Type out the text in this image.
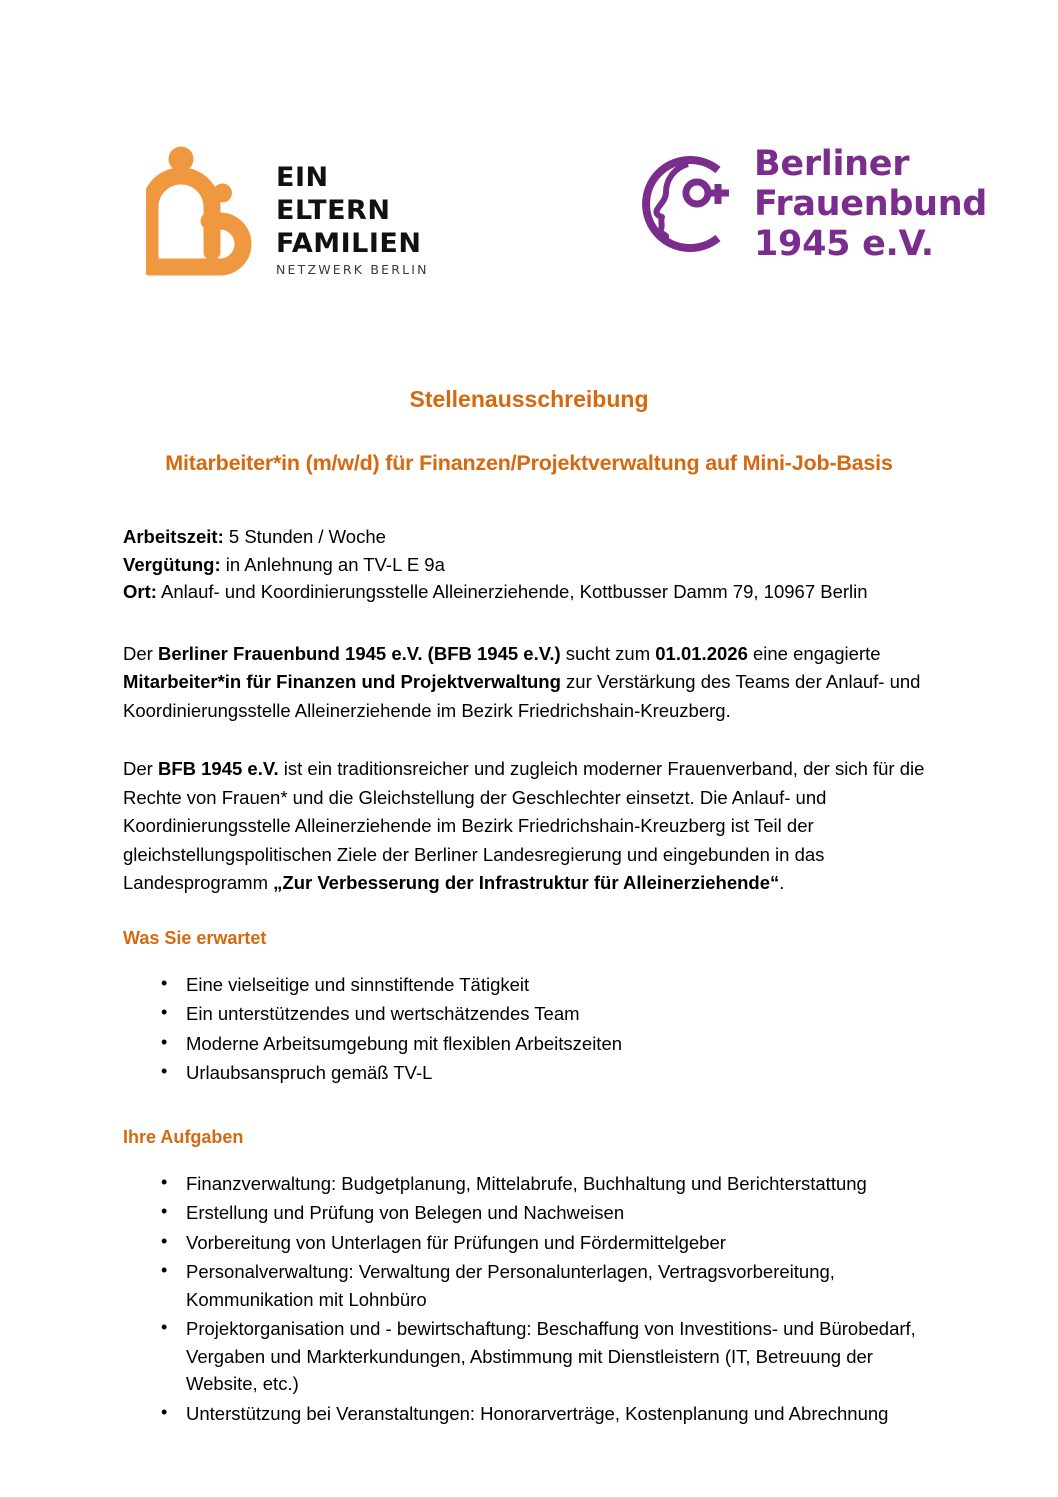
EIN
ELTERN
FAMILIEN
NETZWERK BERLIN
Berliner
Frauenbund
1945 e.V.
Stellenausschreibung
Mitarbeiter*in (m/w/d) für Finanzen/Projektverwaltung auf Mini-Job-Basis
Arbeitszeit: 5 Stunden / Woche
Vergütung: in Anlehnung an TV-L E 9a
Ort: Anlauf- und Koordinierungsstelle Alleinerziehende, Kottbusser Damm 79, 10967 Berlin

Der Berliner Frauenbund 1945 e.V. (BFB 1945 e.V.) sucht zum 01.01.2026 eine engagierte Mitarbeiter*in für Finanzen und Projektverwaltung zur Verstärkung des Teams der Anlauf- und Koordinierungsstelle Alleinerziehende im Bezirk Friedrichshain-Kreuzberg.

Der BFB 1945 e.V. ist ein traditionsreicher und zugleich moderner Frauenverband, der sich für die Rechte von Frauen* und die Gleichstellung der Geschlechter einsetzt. Die Anlauf- und Koordinierungsstelle Alleinerziehende im Bezirk Friedrichshain-Kreuzberg ist Teil der gleichstellungspolitischen Ziele der Berliner Landesregierung und eingebunden in das Landesprogramm „Zur Verbesserung der Infrastruktur für Alleinerziehende“.

Was Sie erwartet
• Eine vielseitige und sinnstiftende Tätigkeit
• Ein unterstützendes und wertschätzendes Team
• Moderne Arbeitsumgebung mit flexiblen Arbeitszeiten
• Urlaubsanspruch gemäß TV-L
Ihre Aufgaben
• Finanzverwaltung: Budgetplanung, Mittelabrufe, Buchhaltung und Berichterstattung
• Erstellung und Prüfung von Belegen und Nachweisen
• Vorbereitung von Unterlagen für Prüfungen und Fördermittelgeber
• Personalverwaltung: Verwaltung der Personalunterlagen, Vertragsvorbereitung, Kommunikation mit Lohnbüro
• Projektorganisation und - bewirtschaftung: Beschaffung von Investitions- und Bürobedarf, Vergaben und Markterkundungen, Abstimmung mit Dienstleistern (IT, Betreuung der Website, etc.)
• Unterstützung bei Veranstaltungen: Honorarverträge, Kostenplanung und Abrechnung
